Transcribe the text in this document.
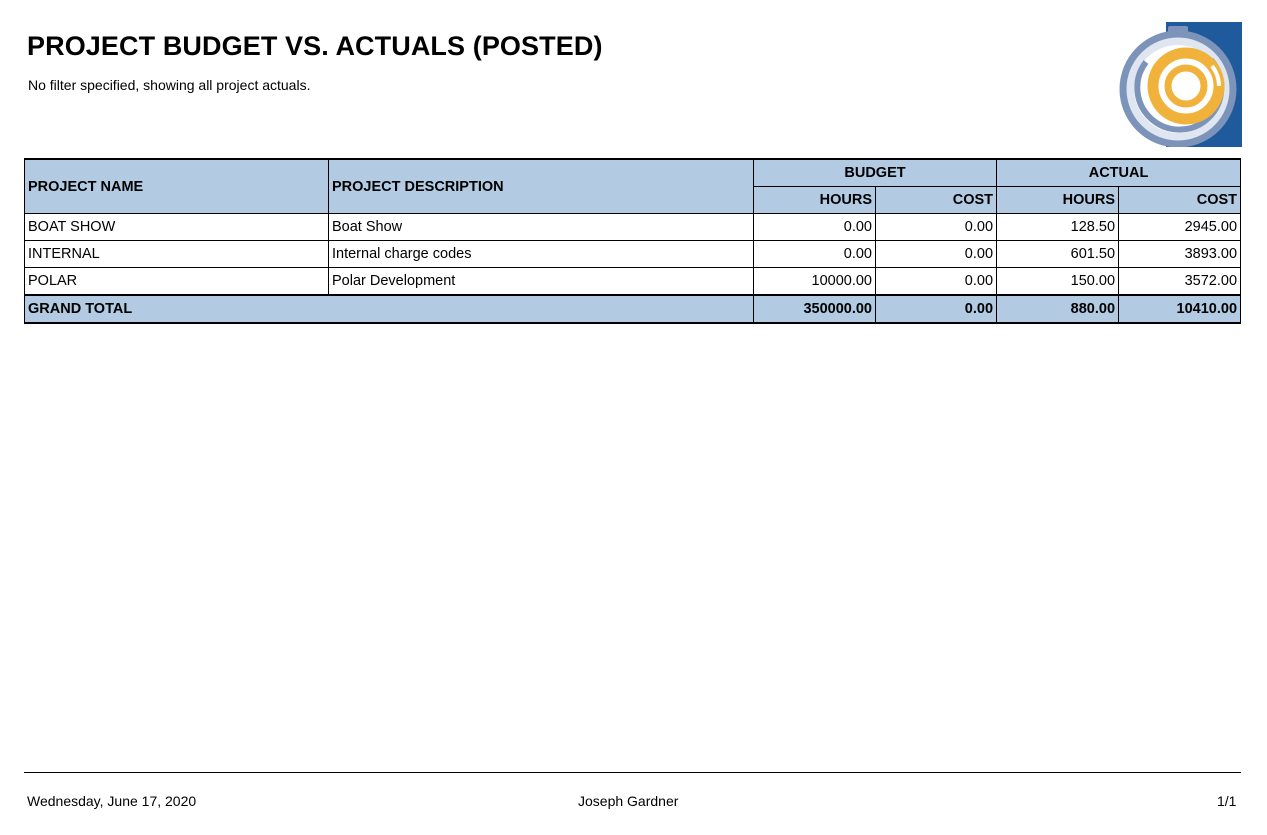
PROJECT BUDGET VS. ACTUALS (POSTED)
No filter specified, showing all project actuals.
PROJECT NAME	PROJECT DESCRIPTION	BUDGET		ACTUAL	
		HOURS	COST	HOURS	COST
BOAT SHOW	Boat Show	0.00	0.00	128.50	2945.00
INTERNAL	Internal charge codes	0.00	0.00	601.50	3893.00
POLAR	Polar Development	10000.00	0.00	150.00	3572.00
GRAND TOTAL		350000.00	0.00	880.00	10410.00
Wednesday, June 17, 2020	Joseph Gardner	1/1
